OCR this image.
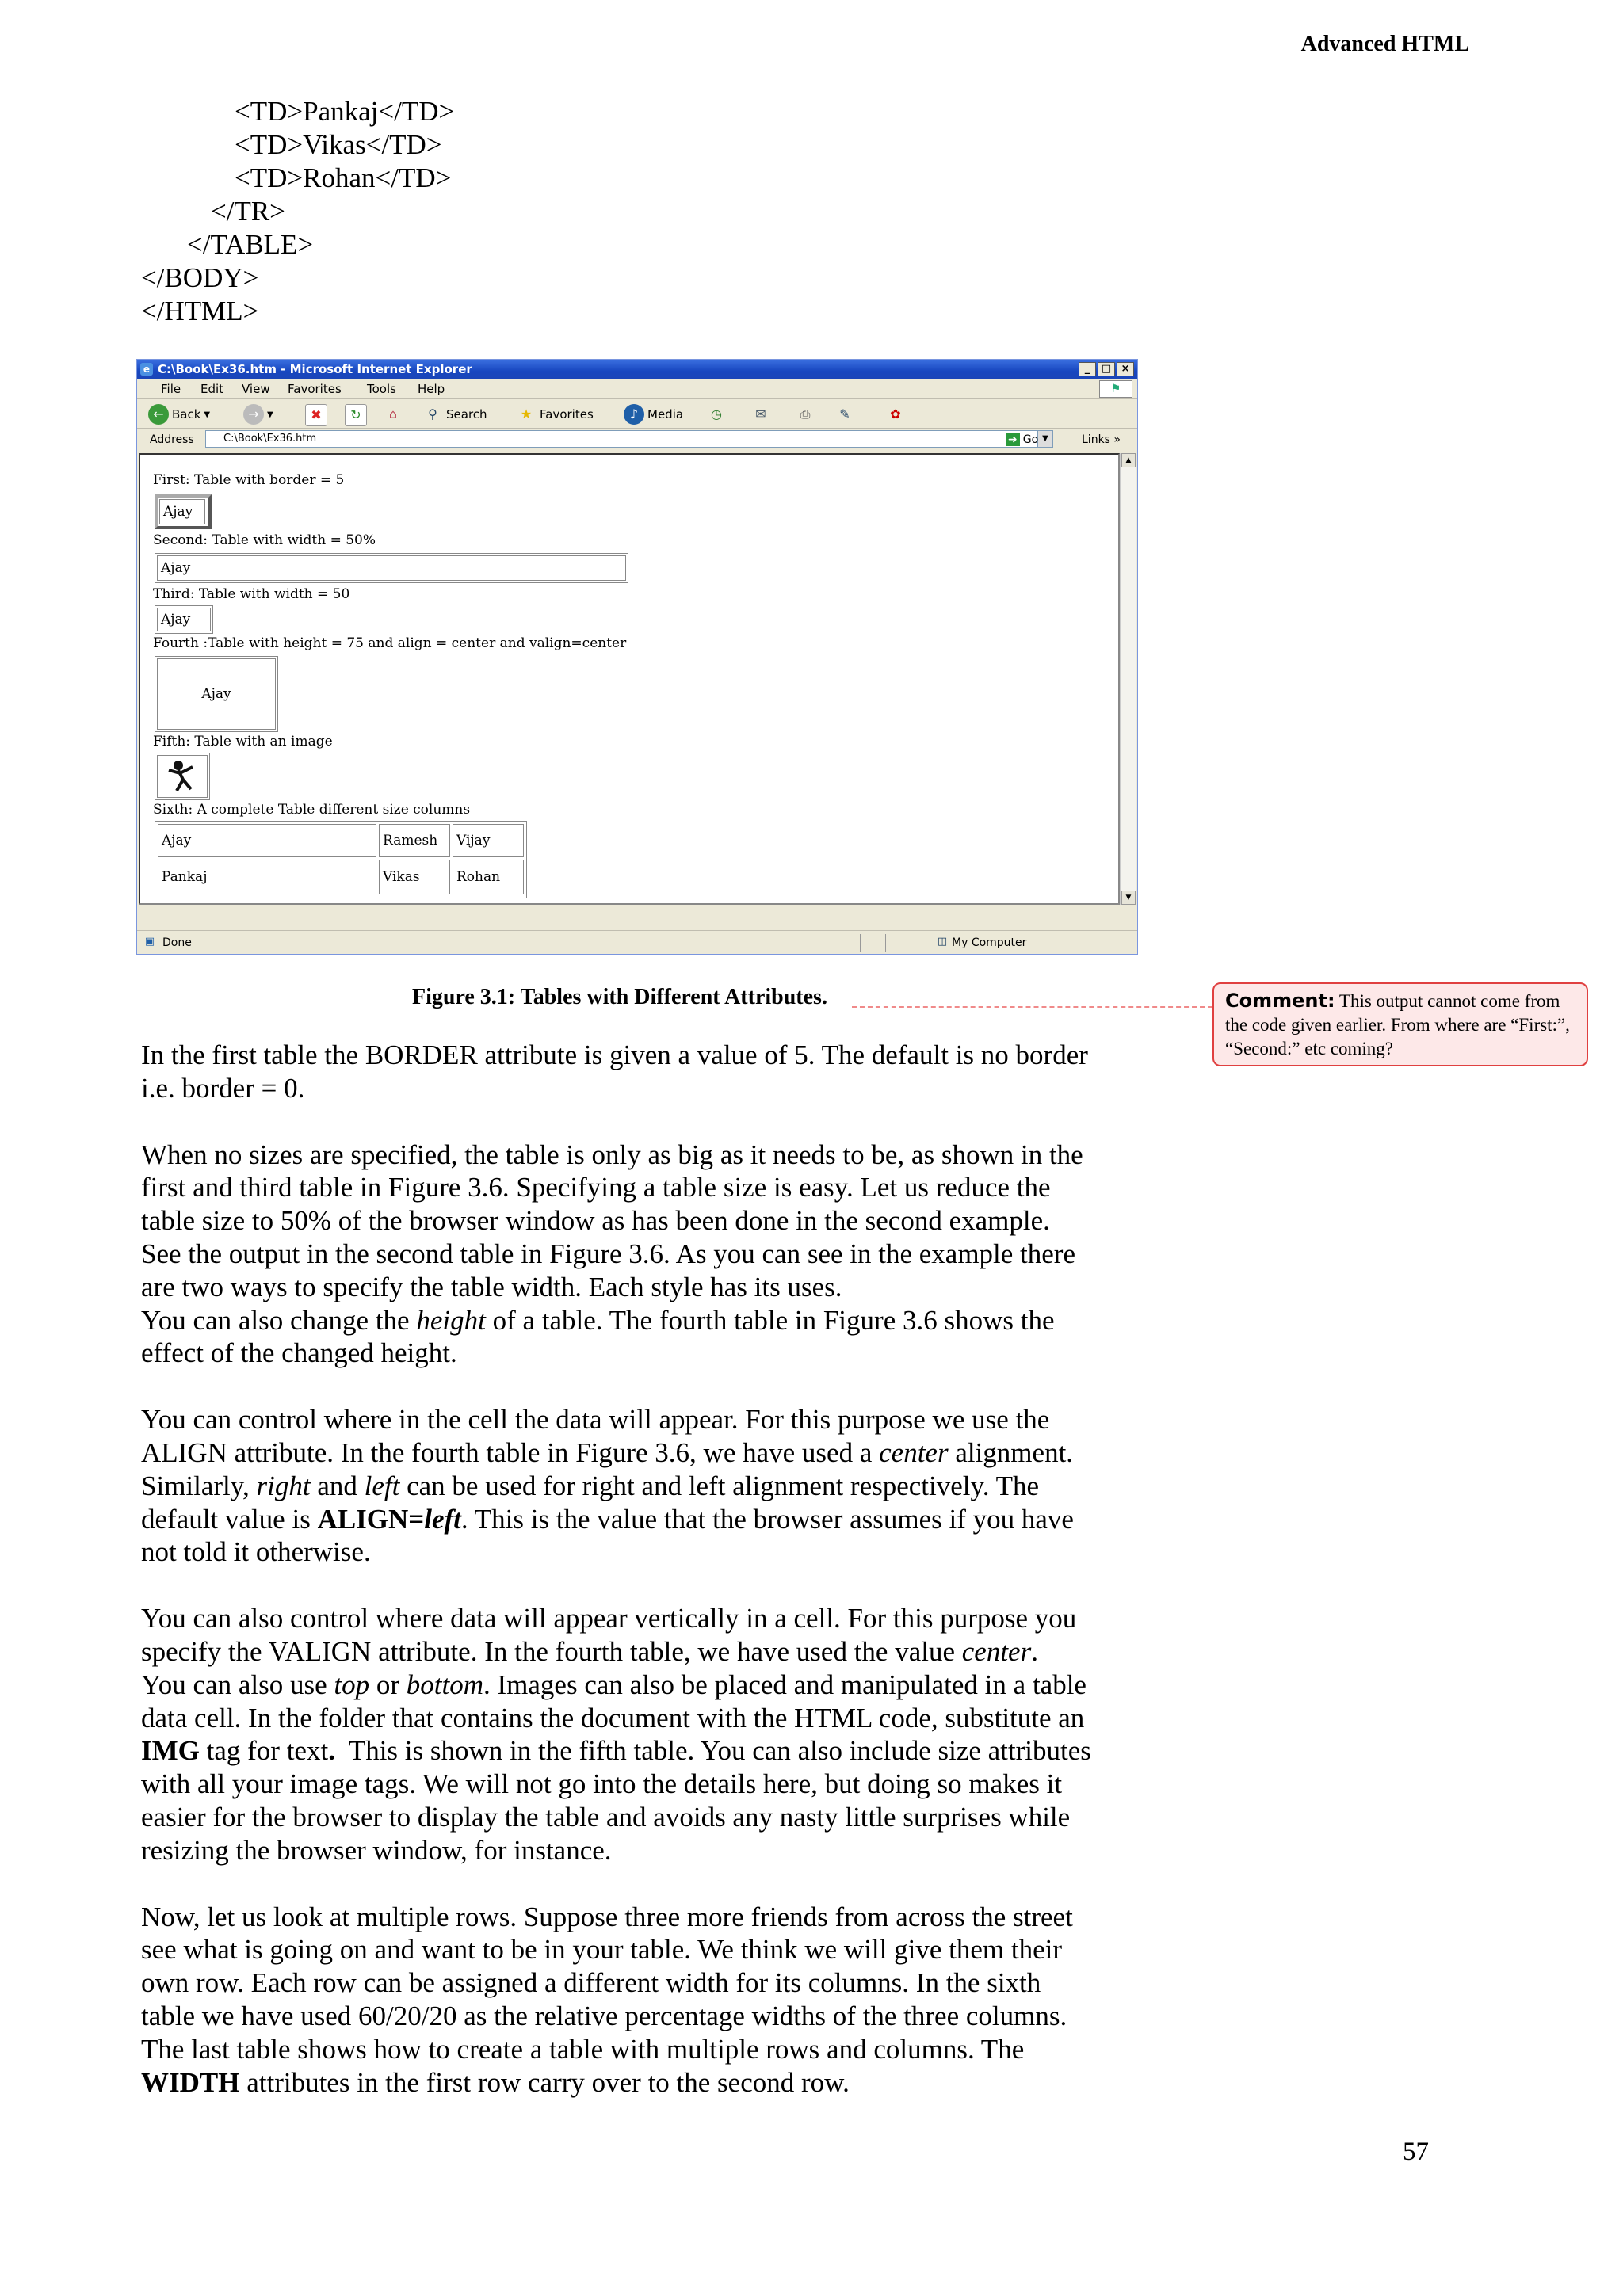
Advanced HTML
<TD>Pankaj</TD>
<TD>Vikas</TD>
<TD>Rohan</TD>
</TR>
</TABLE>
</BODY>
</HTML>
e C:\Book\Ex36.htm - Microsoft Internet Explorer	_	□ ×
File Edit View Favorites Tools Help	⚑
← Back ▼	→	▼	✖	↻	⌂	⚲ Search	★ Favorites	♪ Media	◷	✉	⎙	✎	✿
Address	C:\Book\Ex36.htm	▼
➜ Go	Links »
First: Table with border = 5
Ajay
Second: Table with width = 50%
Ajay
Third: Table with width = 50
Ajay
Fourth :Table with height = 75 and align = center and valign=center
Ajay
Fifth: Table with an image
Sixth: A complete Table different size columns
Ajay	Ramesh	Vijay
Pankaj	Vikas	Rohan
▲
▼
▣ Done	◫ My Computer
Figure 3.1: Tables with Different Attributes.	Comment: This output cannot come from the code given earlier. From where are “First:”, “Second:” etc coming?

In the first table the BORDER attribute is given a value of 5. The default is no border
i.e. border = 0.

When no sizes are specified, the table is only as big as it needs to be, as shown in the
first and third table in Figure 3.6. Specifying a table size is easy. Let us reduce the
table size to 50% of the browser window as has been done in the second example.
See the output in the second table in Figure 3.6. As you can see in the example there
are two ways to specify the table width. Each style has its uses.

You can also change the height of a table. The fourth table in Figure 3.6 shows the
effect of the changed height.

You can control where in the cell the data will appear. For this purpose we use the
ALIGN attribute. In the fourth table in Figure 3.6, we have used a center alignment.
Similarly, right and left can be used for right and left alignment respectively. The
default value is ALIGN=left. This is the value that the browser assumes if you have
not told it otherwise.

You can also control where data will appear vertically in a cell. For this purpose you
specify the VALIGN attribute. In the fourth table, we have used the value center.
You can also use top or bottom. Images can also be placed and manipulated in a table
data cell. In the folder that contains the document with the HTML code, substitute an
IMG tag for text.  This is shown in the fifth table. You can also include size attributes
with all your image tags. We will not go into the details here, but doing so makes it
easier for the browser to display the table and avoids any nasty little surprises while
resizing the browser window, for instance.

Now, let us look at multiple rows. Suppose three more friends from across the street
see what is going on and want to be in your table. We think we will give them their
own row. Each row can be assigned a different width for its columns. In the sixth
table we have used 60/20/20 as the relative percentage widths of the three columns.
The last table shows how to create a table with multiple rows and columns. The
WIDTH attributes in the first row carry over to the second row.

57
